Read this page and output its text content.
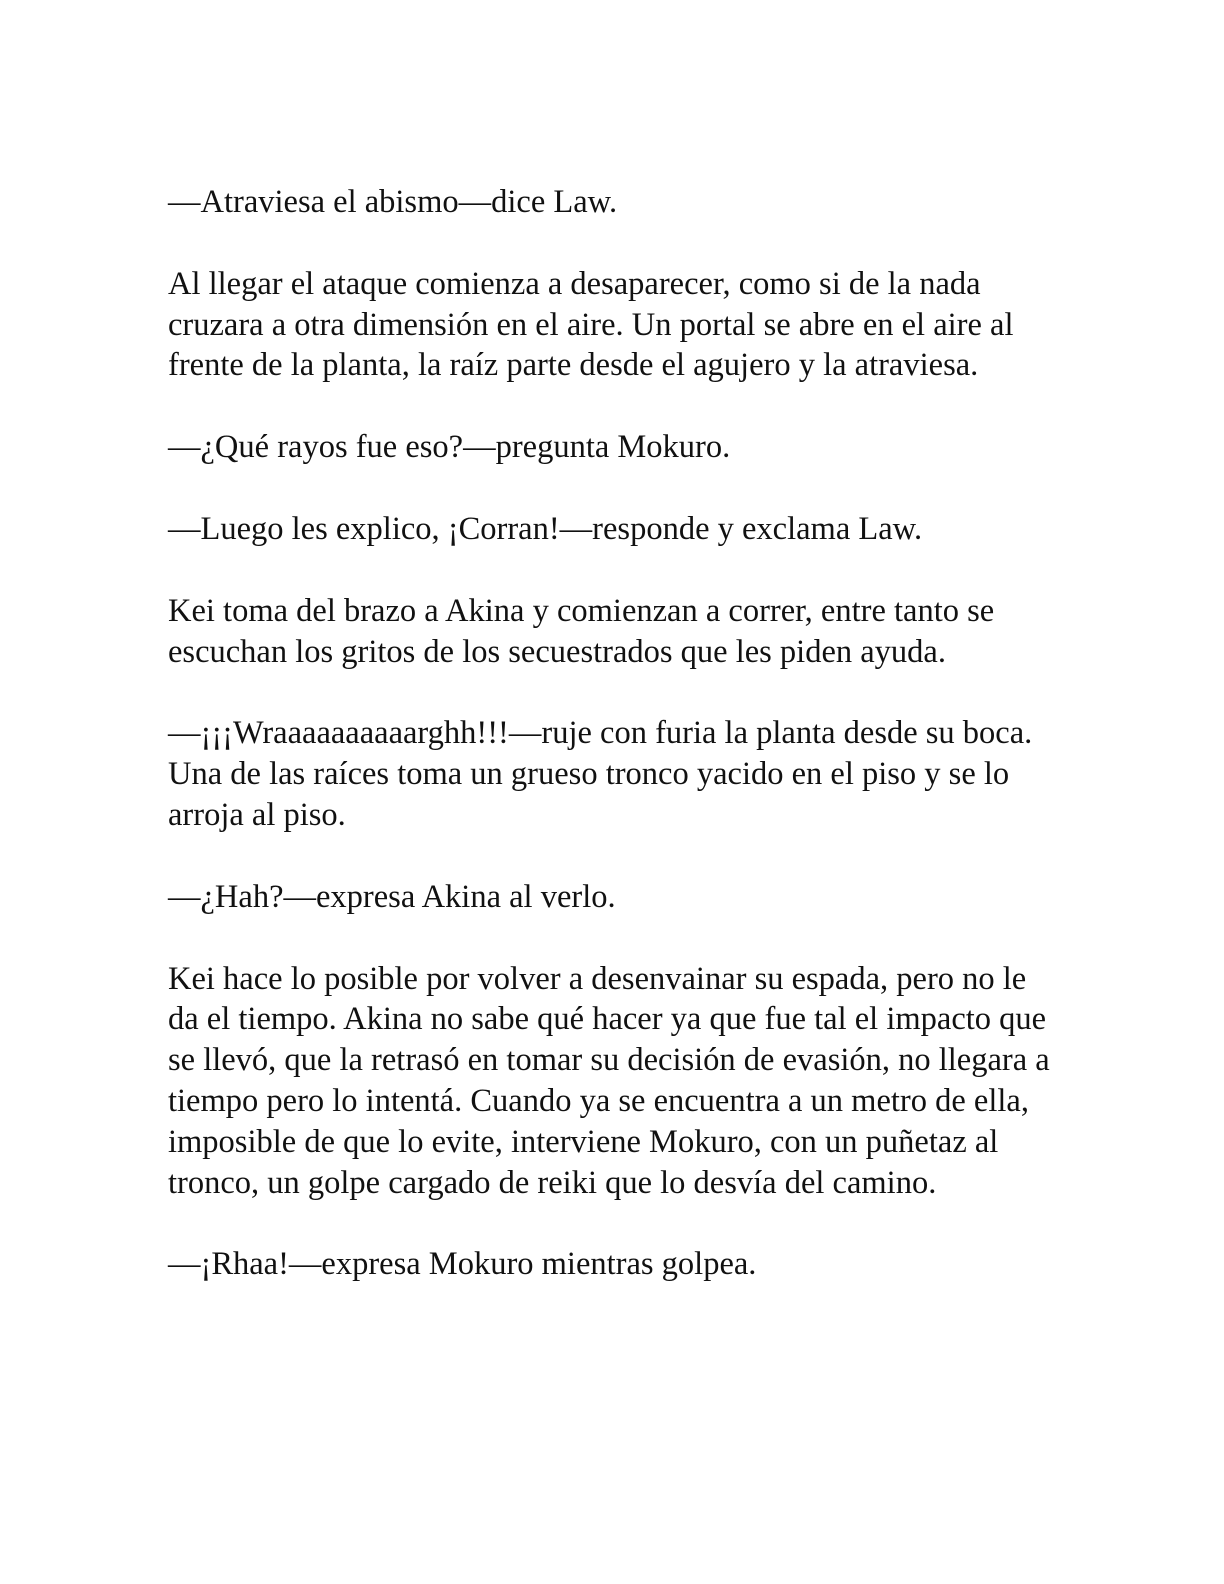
—Atraviesa el abismo—dice Law.

Al llegar el ataque comienza a desaparecer, como si de la nada cruzara a otra dimensión en el aire. Un portal se abre en el aire al frente de la planta, la raíz parte desde el agujero y la atraviesa.

—¿Qué rayos fue eso?—pregunta Mokuro.

—Luego les explico, ¡Corran!—responde y exclama Law.

Kei toma del brazo a Akina y comienzan a correr, entre tanto se escuchan los gritos de los secuestrados que les piden ayuda.

—¡¡¡Wraaaaaaaaaarghh!!!—ruje con furia la planta desde su boca. Una de las raíces toma un grueso tronco yacido en el piso y se lo arroja al piso.

—¿Hah?—expresa Akina al verlo.

Kei hace lo posible por volver a desenvainar su espada, pero no le da el tiempo. Akina no sabe qué hacer ya que fue tal el impacto que se llevó, que la retrasó en tomar su decisión de evasión, no llegara a tiempo pero lo intentá. Cuando ya se encuentra a un metro de ella, imposible de que lo evite, interviene Mokuro, con un puñetaz al tronco, un golpe cargado de reiki que lo desvía del camino.

—¡Rhaa!—expresa Mokuro mientras golpea.
